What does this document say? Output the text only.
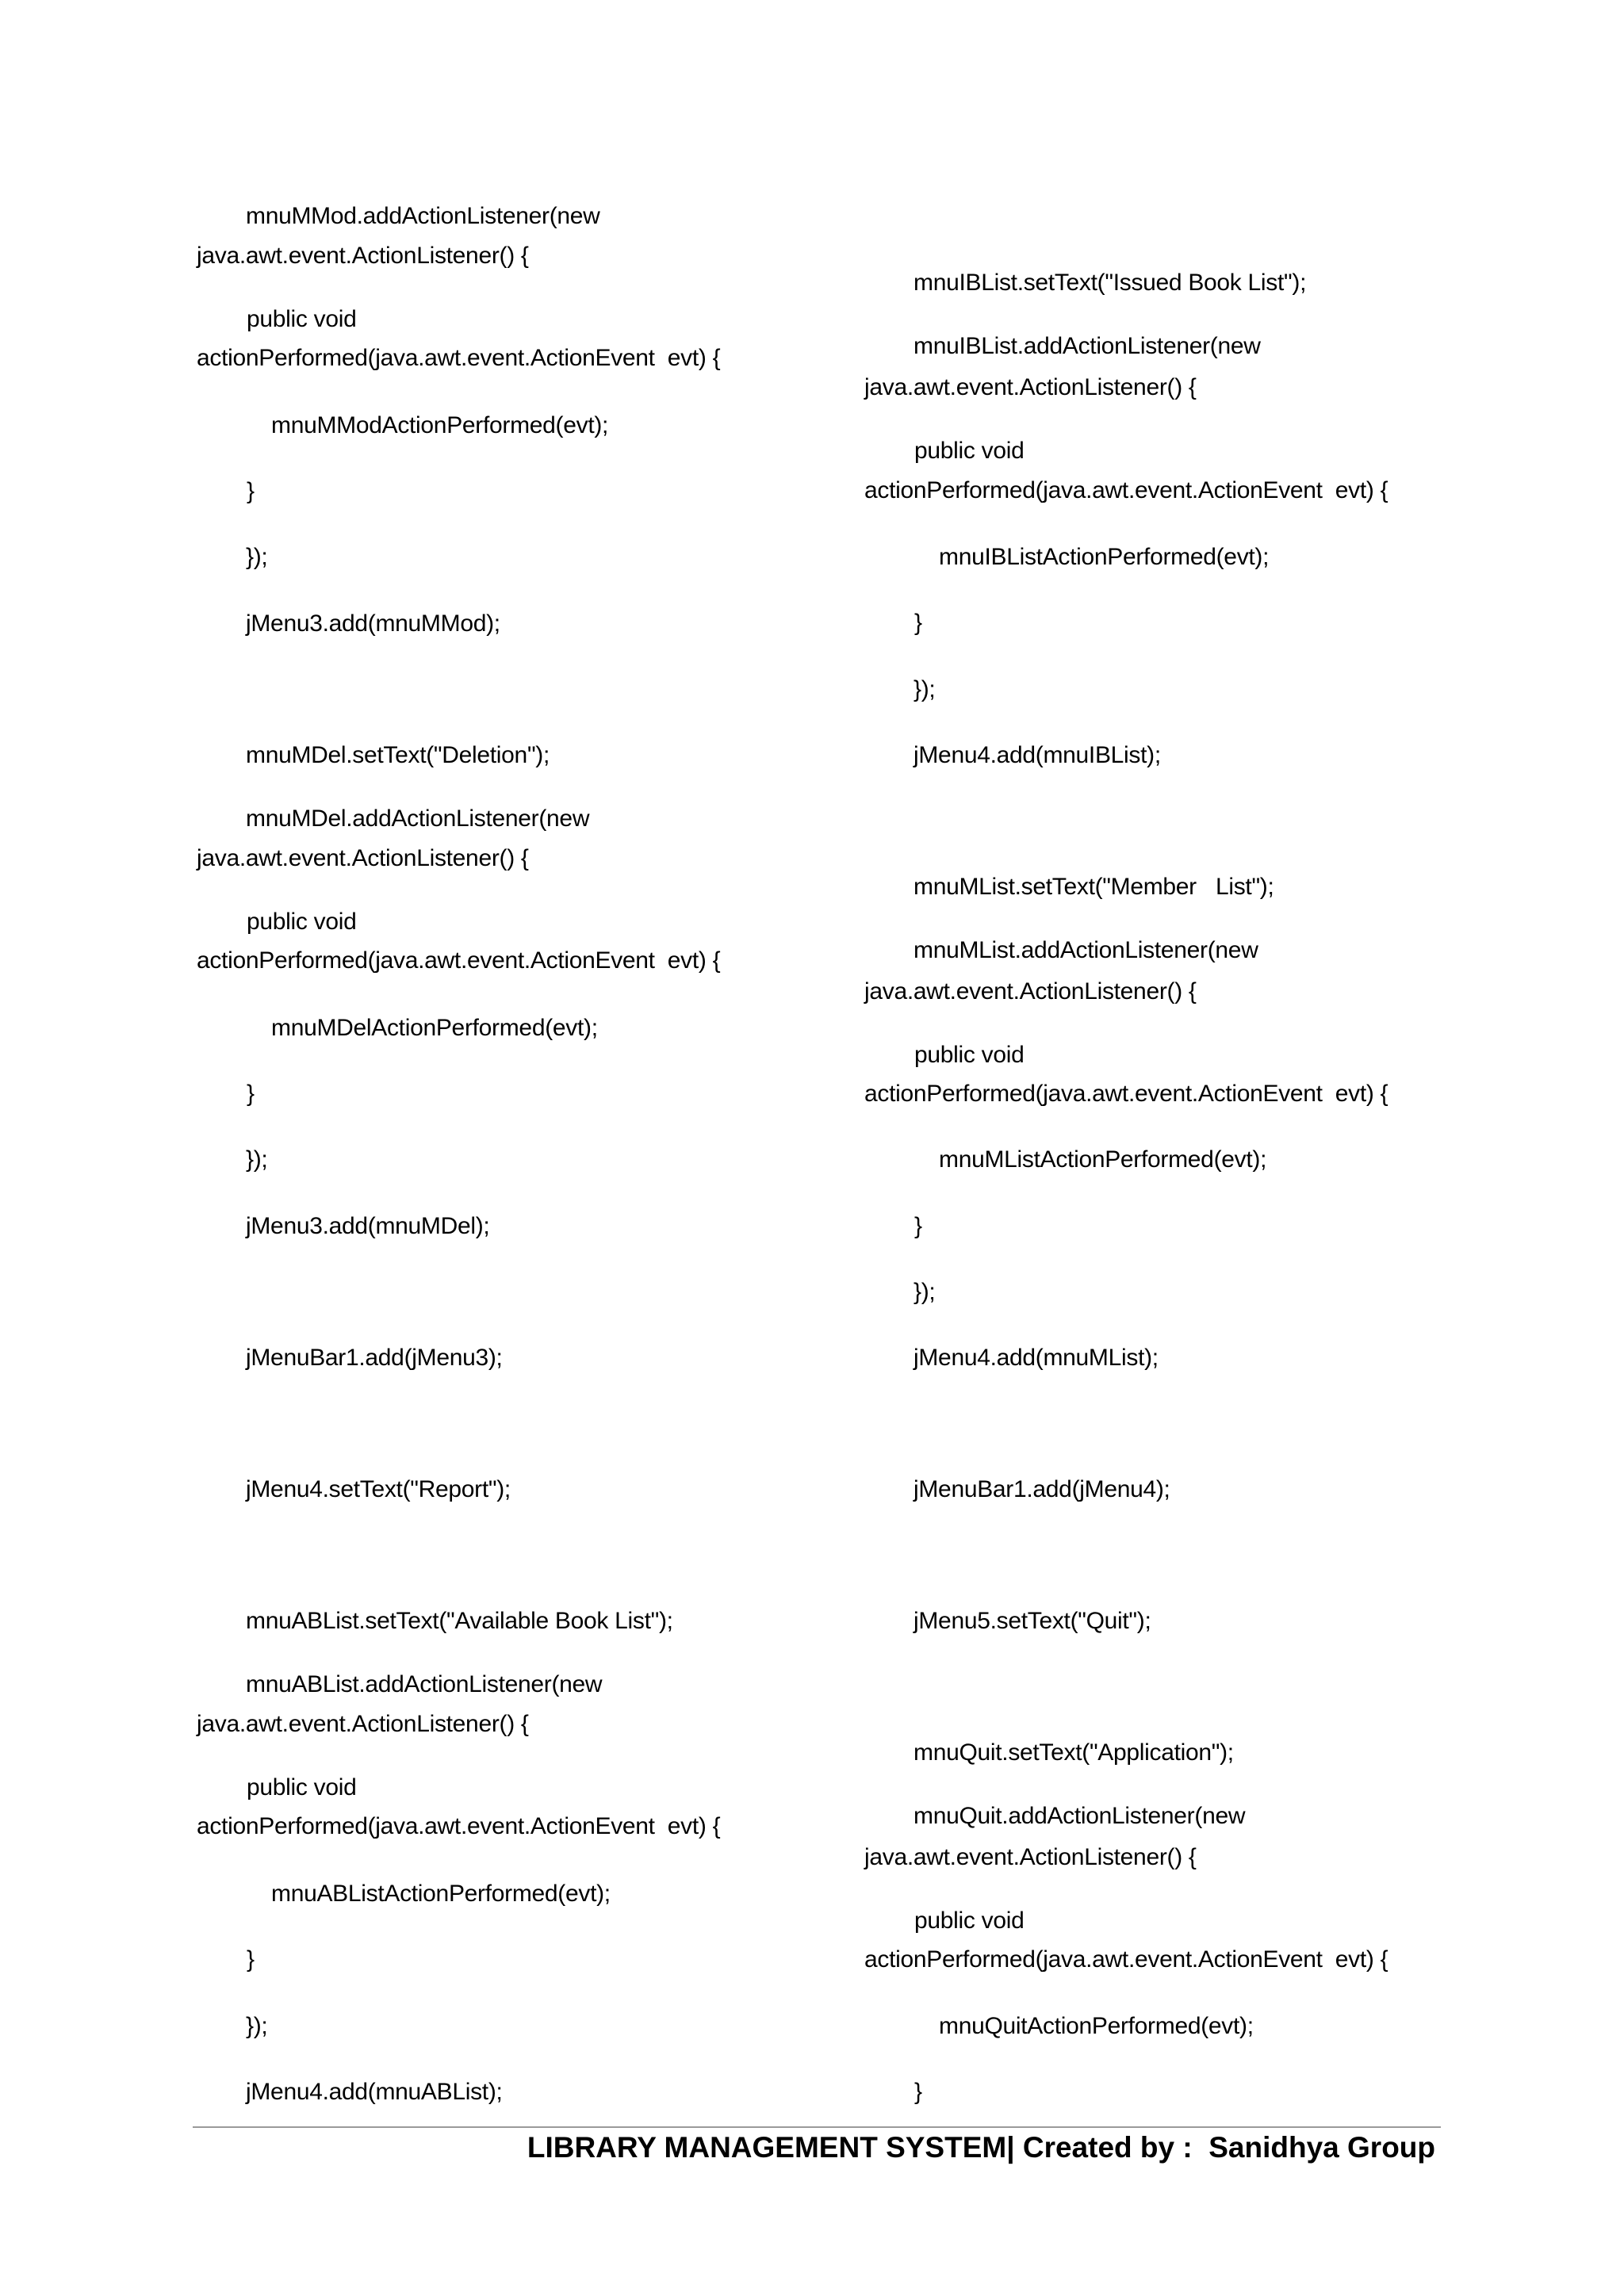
mnuMMod.addActionListener(new
java.awt.event.ActionListener() {
public void
actionPerformed(java.awt.event.ActionEvent  evt) {
mnuMModActionPerformed(evt);
}
});
jMenu3.add(mnuMMod);
mnuMDel.setText("Deletion");
mnuMDel.addActionListener(new
java.awt.event.ActionListener() {
public void
actionPerformed(java.awt.event.ActionEvent  evt) {
mnuMDelActionPerformed(evt);
}
});
jMenu3.add(mnuMDel);
jMenuBar1.add(jMenu3);
jMenu4.setText("Report");
mnuABList.setText("Available Book List");
mnuABList.addActionListener(new
java.awt.event.ActionListener() {
public void
actionPerformed(java.awt.event.ActionEvent  evt) {
mnuABListActionPerformed(evt);
}
});
jMenu4.add(mnuABList);
mnuIBList.setText("Issued Book List");
mnuIBList.addActionListener(new
java.awt.event.ActionListener() {
public void
actionPerformed(java.awt.event.ActionEvent  evt) {
mnuIBListActionPerformed(evt);
}
});
jMenu4.add(mnuIBList);
mnuMList.setText("Member   List");
mnuMList.addActionListener(new
java.awt.event.ActionListener() {
public void
actionPerformed(java.awt.event.ActionEvent  evt) {
mnuMListActionPerformed(evt);
}
});
jMenu4.add(mnuMList);
jMenuBar1.add(jMenu4);
jMenu5.setText("Quit");
mnuQuit.setText("Application");
mnuQuit.addActionListener(new
java.awt.event.ActionListener() {
public void
actionPerformed(java.awt.event.ActionEvent  evt) {
mnuQuitActionPerformed(evt);
}
LIBRARY MANAGEMENT SYSTEM| Created by :  Sanidhya Group
